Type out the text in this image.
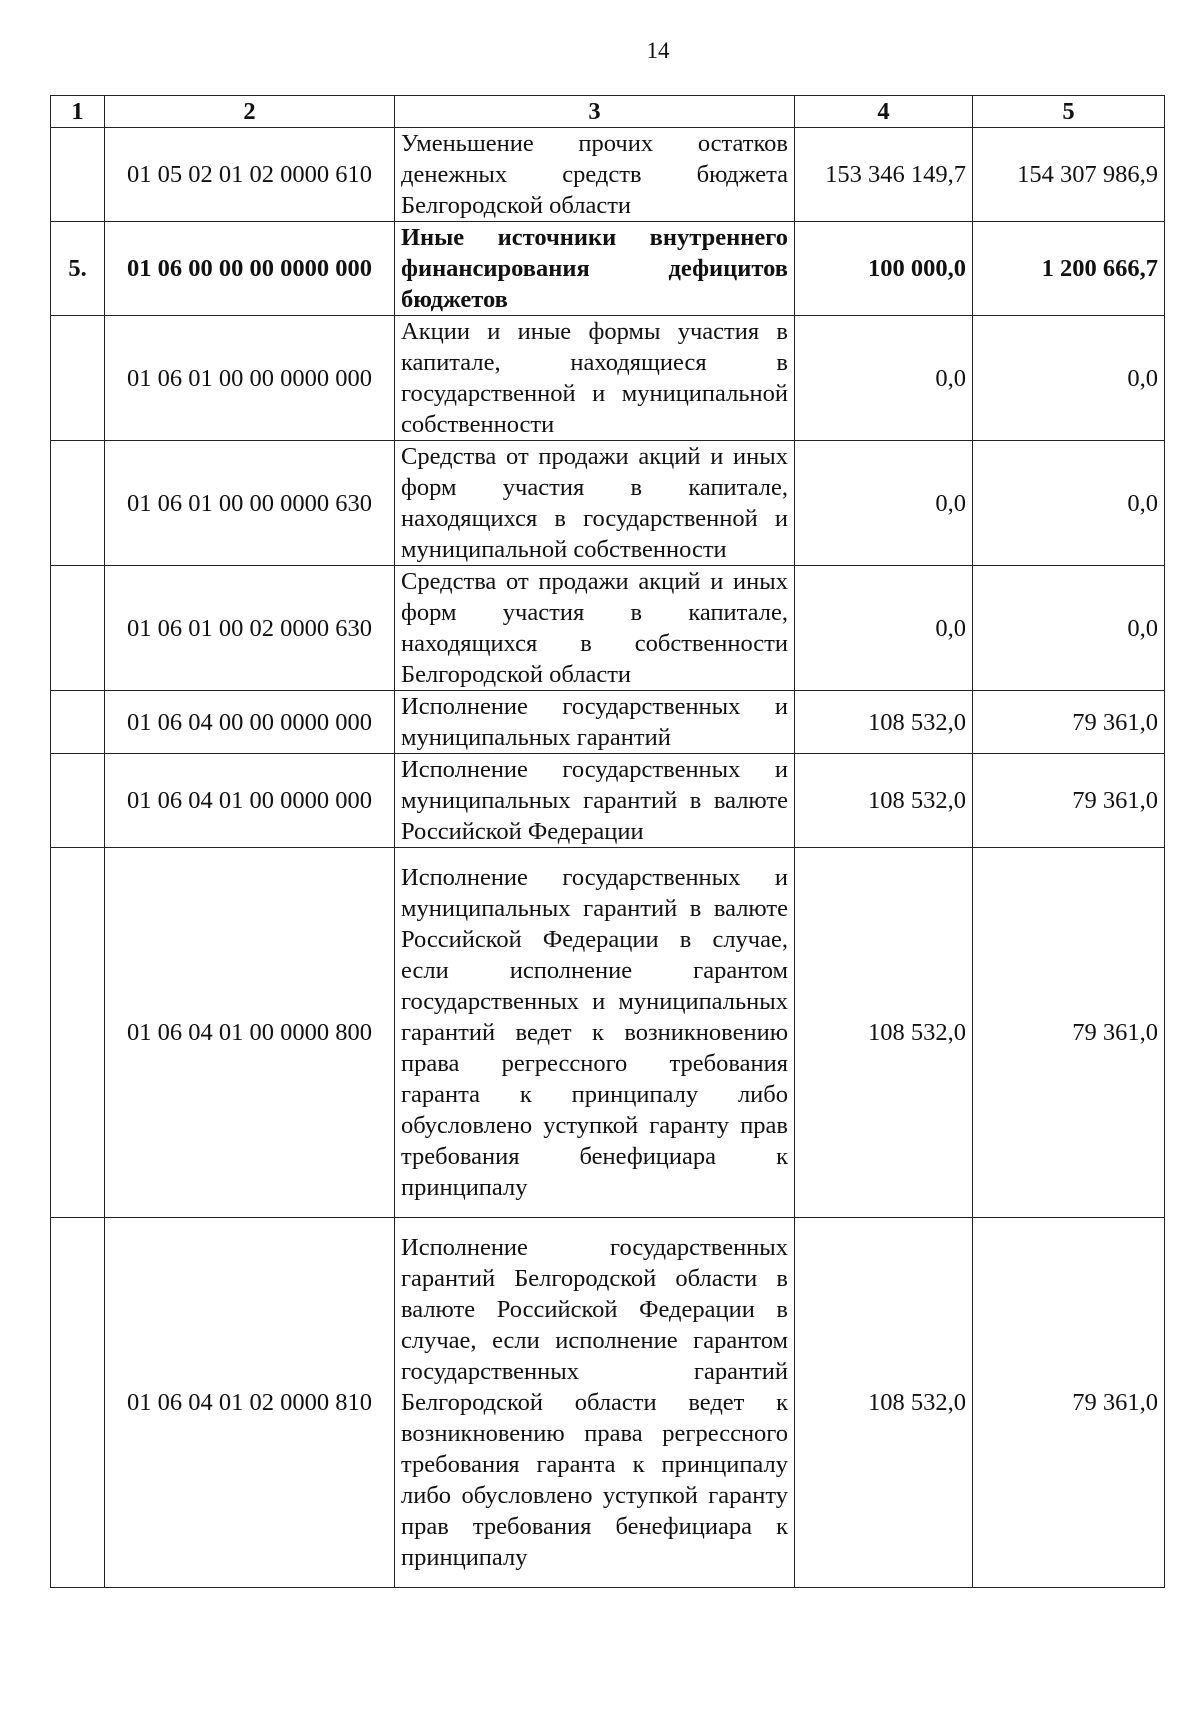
14
1	2	3	4	5
	01 05 02 01 02 0000 610	Уменьшение прочих остатков денежных средств бюджета Белгородской области	153 346 149,7	154 307 986,9
5.	01 06 00 00 00 0000 000	Иные источники внутреннего финансирования дефицитов бюджетов	100 000,0	1 200 666,7
	01 06 01 00 00 0000 000	Акции и иные формы участия в капитале, находящиеся в государственной и муниципальной собственности	0,0	0,0
	01 06 01 00 00 0000 630	Средства от продажи акций и иных форм участия в капитале, находящихся в государственной и муниципальной собственности	0,0	0,0
	01 06 01 00 02 0000 630	Средства от продажи акций и иных форм участия в капитале, находящихся в собственности Белгородской области	0,0	0,0
	01 06 04 00 00 0000 000	Исполнение государственных и муниципальных гарантий	108 532,0	79 361,0
	01 06 04 01 00 0000 000	Исполнение государственных и муниципальных гарантий в валюте Российской Федерации	108 532,0	79 361,0
	01 06 04 01 00 0000 800	Исполнение государственных и муниципальных гарантий в валюте Российской Федерации в случае, если исполнение гарантом государственных и муниципальных гарантий ведет к возникновению права регрессного требования гаранта к принципалу либо обусловлено уступкой гаранту прав требования бенефициара к принципалу	108 532,0	79 361,0
	01 06 04 01 02 0000 810	Исполнение государственных гарантий Белгородской области в валюте Российской Федерации в случае, если исполнение гарантом государственных гарантий Белгородской области ведет к возникновению права регрессного требования гаранта к принципалу либо обусловлено уступкой гаранту прав требования бенефициара к принципалу	108 532,0	79 361,0
